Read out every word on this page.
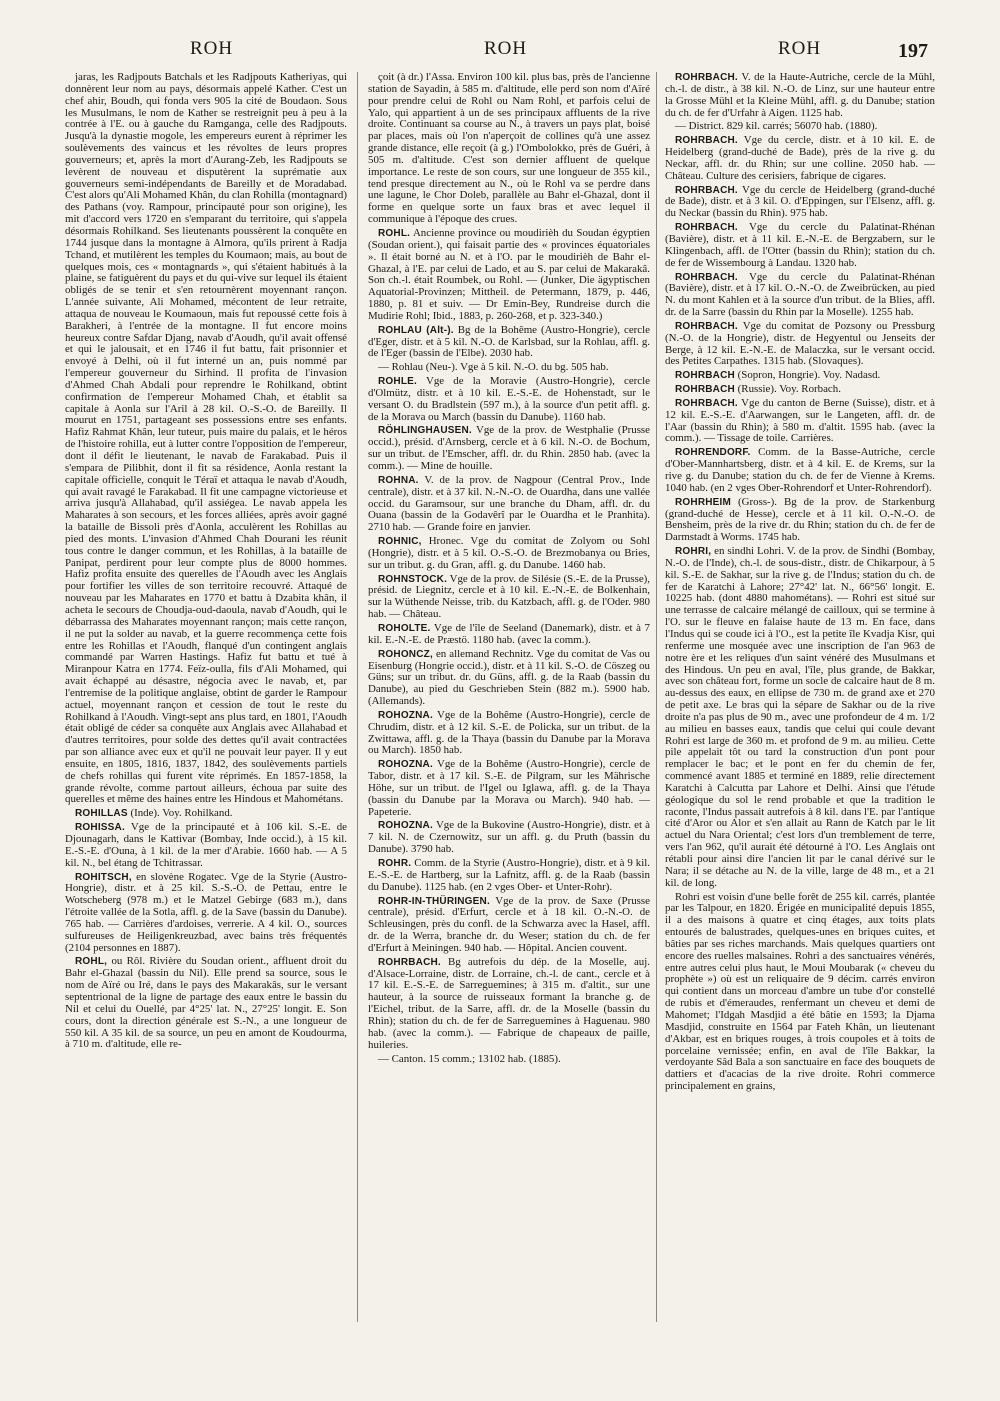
ROH	ROH	ROH	197

jaras, les Radjpouts Batchals et les Radjpouts Katheriyas, qui donnèrent leur nom au pays, désormais appelé Kather. C'est un chef ahir, Boudh, qui fonda vers 905 la cité de Boudaon. Sous les Musulmans, le nom de Kather se restreignit peu à peu à la contrée à l'E. ou à gauche du Ramganga, celle des Radjpouts. Jusqu'à la dynastie mogole, les empereurs eurent à réprimer les soulèvements des vaincus et les révoltes de leurs propres gouverneurs; et, après la mort d'Aurang-Zeb, les Radjpouts se levèrent de nouveau et disputèrent la suprématie aux gouverneurs semi-indépendants de Bareilly et de Moradabad. C'est alors qu'Ali Mohamed Khân, du clan Rohilla (montagnard) des Pathans (voy. Rampour, principauté pour son origine), les mit d'accord vers 1720 en s'emparant du territoire, qui s'appela désormais Rohilkand. Ses lieutenants poussèrent la conquête en 1744 jusque dans la montagne à Almora, qu'ils prirent à Radja Tchand, et mutilèrent les temples du Koumaon; mais, au bout de quelques mois, ces « montagnards », qui s'étaient habitués à la plaine, se fatiguèrent du pays et du qui-vive sur lequel ils étaient obligés de se tenir et s'en retournèrent moyennant rançon. L'année suivante, Ali Mohamed, mécontent de leur retraite, attaqua de nouveau le Koumaoun, mais fut repoussé cette fois à Barakheri, à l'entrée de la montagne. Il fut encore moins heureux contre Safdar Djang, navab d'Aoudh, qu'il avait offensé et qui le jalousait, et en 1746 il fut battu, fait prisonnier et envoyé à Delhi, où il fut interné un an, puis nommé par l'empereur gouverneur du Sirhind. Il profita de l'invasion d'Ahmed Chah Abdali pour reprendre le Rohilkand, obtint confirmation de l'empereur Mohamed Chah, et établit sa capitale à Aonla sur l'Aril à 28 kil. O.-S.-O. de Bareilly. Il mourut en 1751, partageant ses possessions entre ses enfants. Hafiz Rahmat Khân, leur tuteur, puis maire du palais, et le héros de l'histoire rohilla, eut à lutter contre l'opposition de l'empereur, dont il défit le lieutenant, le navab de Farakabad. Puis il s'empara de Pilibhit, dont il fit sa résidence, Aonla restant la capitale officielle, conquit le Téraï et attaqua le navab d'Aoudh, qui avait ravagé le Farakabad. Il fit une campagne victorieuse et arriva jusqu'à Allahabad, qu'il assiégea. Le navab appela les Maharates à son secours, et les forces alliées, après avoir gagné la bataille de Bissoli près d'Aonla, acculèrent les Rohillas au pied des monts. L'invasion d'Ahmed Chah Dourani les réunit tous contre le danger commun, et les Rohillas, à la bataille de Panipat, perdirent pour leur compte plus de 8000 hommes. Hafiz profita ensuite des querelles de l'Aoudh avec les Anglais pour fortifier les villes de son territoire recouvré. Attaqué de nouveau par les Maharates en 1770 et battu à Dzabita khân, il acheta le secours de Choudja-oud-daoula, navab d'Aoudh, qui le débarrassa des Maharates moyennant rançon; mais cette rançon, il ne put la solder au navab, et la guerre recommença cette fois entre les Rohillas et l'Aoudh, flanqué d'un contingent anglais commandé par Warren Hastings. Hafiz fut battu et tué à Miranpour Katra en 1774. Feïz-oulla, fils d'Ali Mohamed, qui avait échappé au désastre, négocia avec le navab, et, par l'entremise de la politique anglaise, obtint de garder le Rampour actuel, moyennant rançon et cession de tout le reste du Rohilkand à l'Aoudh. Vingt-sept ans plus tard, en 1801, l'Aoudh était obligé de céder sa conquête aux Anglais avec Allahabad et d'autres territoires, pour solde des dettes qu'il avait contractées par son alliance avec eux et qu'il ne pouvait leur payer. Il y eut ensuite, en 1805, 1816, 1837, 1842, des soulèvements partiels de chefs rohillas qui furent vite réprimés. En 1857-1858, la grande révolte, comme partout ailleurs, échoua par suite des querelles et même des haines entre les Hindous et Mahométans.

ROHILLAS (Inde). Voy. Rohilkand.

ROHISSA. Vge de la principauté et à 106 kil. S.-E. de Djounagarh, dans le Kattivar (Bombay, Inde occid.), à 15 kil. E.-S.-E. d'Ouna, à 1 kil. de la mer d'Arabie. 1660 hab. — A 5 kil. N., bel étang de Tchitrassar.

ROHITSCH, en slovène Rogatec. Vge de la Styrie (Austro-Hongrie), distr. et à 25 kil. S.-S.-O. de Pettau, entre le Wotscheberg (978 m.) et le Matzel Gebirge (683 m.), dans l'étroite vallée de la Sotla, affl. g. de la Save (bassin du Danube). 765 hab. — Carrières d'ardoises, verrerie. A 4 kil. O., sources sulfureuses de Heiligenkreuzbad, avec bains très fréquentés (2104 personnes en 1887).

ROHL, ou Rôl. Rivière du Soudan orient., affluent droit du Bahr el-Ghazal (bassin du Nil). Elle prend sa source, sous le nom de Aïré ou Iré, dans le pays des Makarakâs, sur le versant septentrional de la ligne de partage des eaux entre le bassin du Nil et celui du Ouellé, par 4°25' lat. N., 27°25' longit. E. Son cours, dont la direction générale est S.-N., a une longueur de 550 kil. A 35 kil. de sa source, un peu en amont de Koudourma, à 710 m. d'altitude, elle re-

çoit (à dr.) l'Assa. Environ 100 kil. plus bas, près de l'ancienne station de Sayadin, à 585 m. d'altitude, elle perd son nom d'Aïré pour prendre celui de Rohl ou Nam Rohl, et parfois celui de Yalo, qui appartient à un de ses principaux affluents de la rive droite. Continuant sa course au N., à travers un pays plat, boisé par places, mais où l'on n'aperçoit de collines qu'à une assez grande distance, elle reçoit (à g.) l'Ombolokko, près de Guéri, à 505 m. d'altitude. C'est son dernier affluent de quelque importance. Le reste de son cours, sur une longueur de 355 kil., tend presque directement au N., où le Rohl va se perdre dans une lagune, le Chor Doleb, parallèle au Bahr el-Ghazal, dont il forme en quelque sorte un faux bras et avec lequel il communique à l'époque des crues.

ROHL. Ancienne province ou moudirièh du Soudan égyptien (Soudan orient.), qui faisait partie des « provinces équatoriales ». Il était borné au N. et à l'O. par le moudirièh de Bahr el-Ghazal, à l'E. par celui de Lado, et au S. par celui de Makarakâ. Son ch.-l. était Roumbek, ou Rohl. — (Junker, Die ägyptischen Aquatorial-Provinzen; Mittheil. de Petermann, 1879, p. 446, 1880, p. 81 et suiv. — Dr Emin-Bey, Rundreise durch die Mudirie Rohl; Ibid., 1883, p. 260-268, et p. 323-340.)

ROHLAU (Alt-). Bg de la Bohême (Austro-Hongrie), cercle d'Eger, distr. et à 5 kil. N.-O. de Karlsbad, sur la Rohlau, affl. g. de l'Eger (bassin de l'Elbe). 2030 hab.

— Rohlau (Neu-). Vge à 5 kil. N.-O. du bg. 505 hab.

ROHLE. Vge de la Moravie (Austro-Hongrie), cercle d'Olmütz, distr. et à 10 kil. E.-S.-E. de Hohenstadt, sur le versant O. du Bradlstein (597 m.), à la source d'un petit affl. g. de la Morava ou March (bassin du Danube). 1160 hab.

RÖHLINGHAUSEN. Vge de la prov. de Westphalie (Prusse occid.), présid. d'Arnsberg, cercle et à 6 kil. N.-O. de Bochum, sur un tribut. de l'Emscher, affl. dr. du Rhin. 2850 hab. (avec la comm.). — Mine de houille.

ROHNA. V. de la prov. de Nagpour (Central Prov., Inde centrale), distr. et à 37 kil. N.-N.-O. de Ouardha, dans une vallée occid. du Garamsour, sur une branche du Dham, affl. dr. du Ouana (bassin de la Godavêrî par le Ouardha et le Pranhita). 2710 hab. — Grande foire en janvier.

ROHNIC, Hronec. Vge du comitat de Zolyom ou Sohl (Hongrie), distr. et à 5 kil. O.-S.-O. de Brezmobanya ou Bries, sur un tribut. g. du Gran, affl. g. du Danube. 1460 hab.

ROHNSTOCK. Vge de la prov. de Silésie (S.-E. de la Prusse), présid. de Liegnitz, cercle et à 10 kil. E.-N.-E. de Bolkenhain, sur la Wüthende Neisse, trib. du Katzbach, affl. g. de l'Oder. 980 hab. — Château.

ROHOLTE. Vge de l'île de Seeland (Danemark), distr. et à 7 kil. E.-N.-E. de Præstö. 1180 hab. (avec la comm.).

ROHONCZ, en allemand Rechnitz. Vge du comitat de Vas ou Eisenburg (Hongrie occid.), distr. et à 11 kil. S.-O. de Cöszeg ou Güns; sur un tribut. dr. du Güns, affl. g. de la Raab (bassin du Danube), au pied du Geschrieben Stein (882 m.). 5900 hab. (Allemands).

ROHOZNA. Vge de la Bohême (Austro-Hongrie), cercle de Chrudim, distr. et à 12 kil. S.-E. de Policka, sur un tribut. de la Zwittawa, affl. g. de la Thaya (bassin du Danube par la Morava ou March). 1850 hab.

ROHOZNA. Vge de la Bohême (Austro-Hongrie), cercle de Tabor, distr. et à 17 kil. S.-E. de Pilgram, sur les Mährische Höhe, sur un tribut. de l'Igel ou Iglawa, affl. g. de la Thaya (bassin du Danube par la Morava ou March). 940 hab. — Papeterie.

ROHOZNA. Vge de la Bukovine (Austro-Hongrie), distr. et à 7 kil. N. de Czernowitz, sur un affl. g. du Pruth (bassin du Danube). 3790 hab.

ROHR. Comm. de la Styrie (Austro-Hongrie), distr. et à 9 kil. E.-S.-E. de Hartberg, sur la Lafnitz, affl. g. de la Raab (bassin du Danube). 1125 hab. (en 2 vges Ober- et Unter-Rohr).

ROHR-IN-THÜRINGEN. Vge de la prov. de Saxe (Prusse centrale), présid. d'Erfurt, cercle et à 18 kil. O.-N.-O. de Schleusingen, près du confl. de la Schwarza avec la Hasel, affl. dr. de la Werra, branche dr. du Weser; station du ch. de fer d'Erfurt à Meiningen. 940 hab. — Hôpital. Ancien couvent.

ROHRBACH. Bg autrefois du dép. de la Moselle, auj. d'Alsace-Lorraine, distr. de Lorraine, ch.-l. de cant., cercle et à 17 kil. E.-S.-E. de Sarreguemines; à 315 m. d'altit., sur une hauteur, à la source de ruisseaux formant la branche g. de l'Eichel, tribut. de la Sarre, affl. dr. de la Moselle (bassin du Rhin); station du ch. de fer de Sarreguemines à Haguenau. 980 hab. (avec la comm.). — Fabrique de chapeaux de paille, huileries.

— Canton. 15 comm.; 13102 hab. (1885).

ROHRBACH. V. de la Haute-Autriche, cercle de la Mühl, ch.-l. de distr., à 38 kil. N.-O. de Linz, sur une hauteur entre la Grosse Mühl et la Kleine Mühl, affl. g. du Danube; station du ch. de fer d'Urfahr à Aigen. 1125 hab.

— District. 829 kil. carrés; 56070 hab. (1880).

ROHRBACH. Vge du cercle, distr. et à 10 kil. E. de Heidelberg (grand-duché de Bade), près de la rive g. du Neckar, affl. dr. du Rhin; sur une colline. 2050 hab. — Château. Culture des cerisiers, fabrique de cigares.

ROHRBACH. Vge du cercle de Heidelberg (grand-duché de Bade), distr. et à 3 kil. O. d'Eppingen, sur l'Elsenz, affl. g. du Neckar (bassin du Rhin). 975 hab.

ROHRBACH. Vge du cercle du Palatinat-Rhénan (Bavière), distr. et à 11 kil. E.-N.-E. de Bergzabern, sur le Klingenbach, affl. de l'Otter (bassin du Rhin); station du ch. de fer de Wissembourg à Landau. 1320 hab.

ROHRBACH. Vge du cercle du Palatinat-Rhénan (Bavière), distr. et à 17 kil. O.-N.-O. de Zweibrücken, au pied N. du mont Kahlen et à la source d'un tribut. de la Blies, affl. dr. de la Sarre (bassin du Rhin par la Moselle). 1255 hab.

ROHRBACH. Vge du comitat de Pozsony ou Pressburg (N.-O. de la Hongrie), distr. de Hegyentul ou Jenseits der Berge, à 12 kil. E.-N.-E. de Malaczka, sur le versant occid. des Petites Carpathes. 1315 hab. (Slovaques).

ROHRBACH (Sopron, Hongrie). Voy. Nadasd.

ROHRBACH (Russie). Voy. Rorbach.

ROHRBACH. Vge du canton de Berne (Suisse), distr. et à 12 kil. E.-S.-E. d'Aarwangen, sur le Langeten, affl. dr. de l'Aar (bassin du Rhin); à 580 m. d'altit. 1595 hab. (avec la comm.). — Tissage de toile. Carrières.

ROHRENDORF. Comm. de la Basse-Autriche, cercle d'Ober-Mannhartsberg, distr. et à 4 kil. E. de Krems, sur la rive g. du Danube; station du ch. de fer de Vienne à Krems. 1040 hab. (en 2 vges Ober-Rohrendorf et Unter-Rohrendorf).

ROHRHEIM (Gross-). Bg de la prov. de Starkenburg (grand-duché de Hesse), cercle et à 11 kil. O.-N.-O. de Bensheim, près de la rive dr. du Rhin; station du ch. de fer de Darmstadt à Worms. 1745 hab.

ROHRI, en sindhi Lohri. V. de la prov. de Sindhi (Bombay, N.-O. de l'Inde), ch.-l. de sous-distr., distr. de Chikarpour, à 5 kil. S.-E. de Sakhar, sur la rive g. de l'Indus; station du ch. de fer de Karatchi à Lahore; 27°42' lat. N., 66°56' longit. E. 10225 hab. (dont 4880 mahométans). — Rohri est situé sur une terrasse de calcaire mélangé de cailloux, qui se termine à l'O. sur le fleuve en falaise haute de 13 m. En face, dans l'Indus qui se coude ici à l'O., est la petite île Kvadja Kisr, qui renferme une mosquée avec une inscription de l'an 963 de notre ère et les reliques d'un saint vénéré des Musulmans et des Hindous. Un peu en aval, l'île, plus grande, de Bakkar, avec son château fort, forme un socle de calcaire haut de 8 m. au-dessus des eaux, en ellipse de 730 m. de grand axe et 270 de petit axe. Le bras qui la sépare de Sakhar ou de la rive droite n'a pas plus de 90 m., avec une profondeur de 4 m. 1/2 au milieu en basses eaux, tandis que celui qui coule devant Rohri est large de 360 m. et profond de 9 m. au milieu. Cette pile appelait tôt ou tard la construction d'un pont pour remplacer le bac; et le pont en fer du chemin de fer, commencé avant 1885 et terminé en 1889, relie directement Karatchi à Calcutta par Lahore et Delhi. Ainsi que l'étude géologique du sol le rend probable et que la tradition le raconte, l'Indus passait autrefois à 8 kil. dans l'E. par l'antique cité d'Aror ou Alor et s'en allait au Rann de Katch par le lit actuel du Nara Oriental; c'est lors d'un tremblement de terre, vers l'an 962, qu'il aurait été détourné à l'O. Les Anglais ont rétabli pour ainsi dire l'ancien lit par le canal dérivé sur le Nara; il se détache au N. de la ville, large de 48 m., et a 21 kil. de long.

Rohri est voisin d'une belle forêt de 255 kil. carrés, plantée par les Talpour, en 1820. Érigée en municipalité depuis 1855, il a des maisons à quatre et cinq étages, aux toits plats entourés de balustrades, quelques-unes en briques cuites, et bâties par ses riches marchands. Mais quelques quartiers ont encore des ruelles malsaines. Rohri a des sanctuaires vénérés, entre autres celui plus haut, le Moui Moubarak (« cheveu du prophète ») où est un reliquaire de 9 décim. carrés environ qui contient dans un morceau d'ambre un tube d'or constellé de rubis et d'émeraudes, renfermant un cheveu et demi de Mahomet; l'Idgah Masdjid a été bâtie en 1593; la Djama Masdjid, construite en 1564 par Fateh Khân, un lieutenant d'Akbar, est en briques rouges, à trois coupoles et à toits de porcelaine vernissée; enfin, en aval de l'île Bakkar, la verdoyante Sâd Bala a son sanctuaire en face des bouquets de dattiers et d'acacias de la rive droite. Rohri commerce principalement en grains,
